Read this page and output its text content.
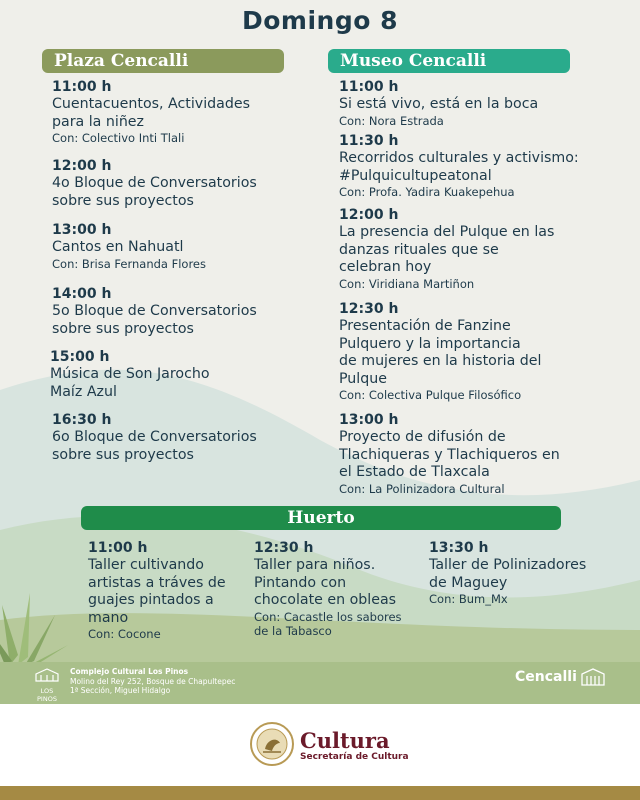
Domingo 8
Plaza Cencalli	Museo Cencalli
11:00 h
Cuentacuentos, Actividades
para la niñez
Con: Colectivo Inti Tlali
12:00 h
4o Bloque de Conversatorios
sobre sus proyectos
13:00 h
Cantos en Nahuatl
Con: Brisa Fernanda Flores
14:00 h
5o Bloque de Conversatorios
sobre sus proyectos
15:00 h
Música de Son Jarocho
Maíz Azul
16:30 h
6o Bloque de Conversatorios
sobre sus proyectos
11:00 h
Si está vivo, está en la boca
Con: Nora Estrada
11:30 h
Recorridos culturales y activismo:
#Pulquicultupeatonal
Con: Profa. Yadira Kuakepehua
12:00 h
La presencia del Pulque en las
danzas rituales que se
celebran hoy
Con: Viridiana Martiñon
12:30 h
Presentación de Fanzine
Pulquero y la importancia
de mujeres en la historia del
Pulque
Con: Colectiva Pulque Filosófico
13:00 h
Proyecto de difusión de
Tlachiqueras y Tlachiqueros en
el Estado de Tlaxcala
Con: La Polinizadora Cultural
Huerto
11:00 h
Taller cultivando
artistas a tráves de
guajes pintados a
mano
Con: Cocone
12:30 h
Taller para niños.
Pintando con
chocolate en obleas
Con: Cacastle los sabores
de la Tabasco
13:30 h
Taller de Polinizadores
de Maguey
Con: Bum_Mx
LOS PINOS
Complejo Cultural Los Pinos
Molino del Rey 252, Bosque de Chapultepec
1ª Sección, Miguel Hidalgo
Cencalli
Cultura
Secretaría de Cultura
